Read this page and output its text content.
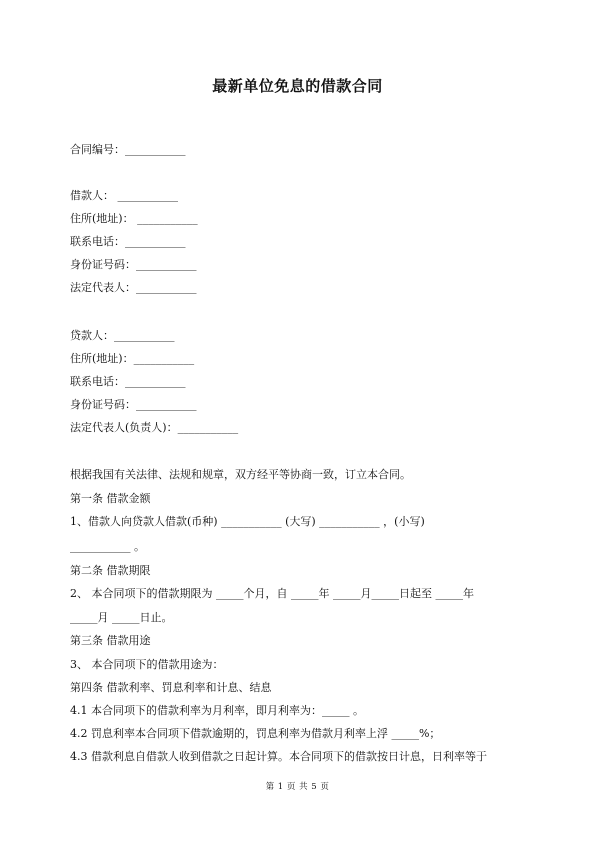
最新单位免息的借款合同
合同编号：___________
借款人： ___________
住所(地址)： ___________
联系电话：___________
身份证号码：___________
法定代表人：___________
贷款人：___________
住所(地址)：___________
联系电话：___________
身份证号码：___________
法定代表人(负责人)：___________
根据我国有关法律、法规和规章，双方经平等协商一致，订立本合同。
第一条 借款金额
1、借款人向贷款人借款(币种) ___________ (大写) ___________ ，(小写)
___________ 。
第二条 借款期限
2、 本合同项下的借款期限为 _____个月，自 _____年 _____月_____日起至 _____年
_____月 _____日止。
第三条 借款用途
3、 本合同项下的借款用途为：
第四条 借款利率、罚息利率和计息、结息
4.1 本合同项下的借款利率为月利率，即月利率为：_____ 。
4.2 罚息利率本合同项下借款逾期的，罚息利率为借款月利率上浮 _____%；
4.3 借款利息自借款人收到借款之日起计算。本合同项下的借款按日计息，日利率等于
第 1 页 共 5 页
